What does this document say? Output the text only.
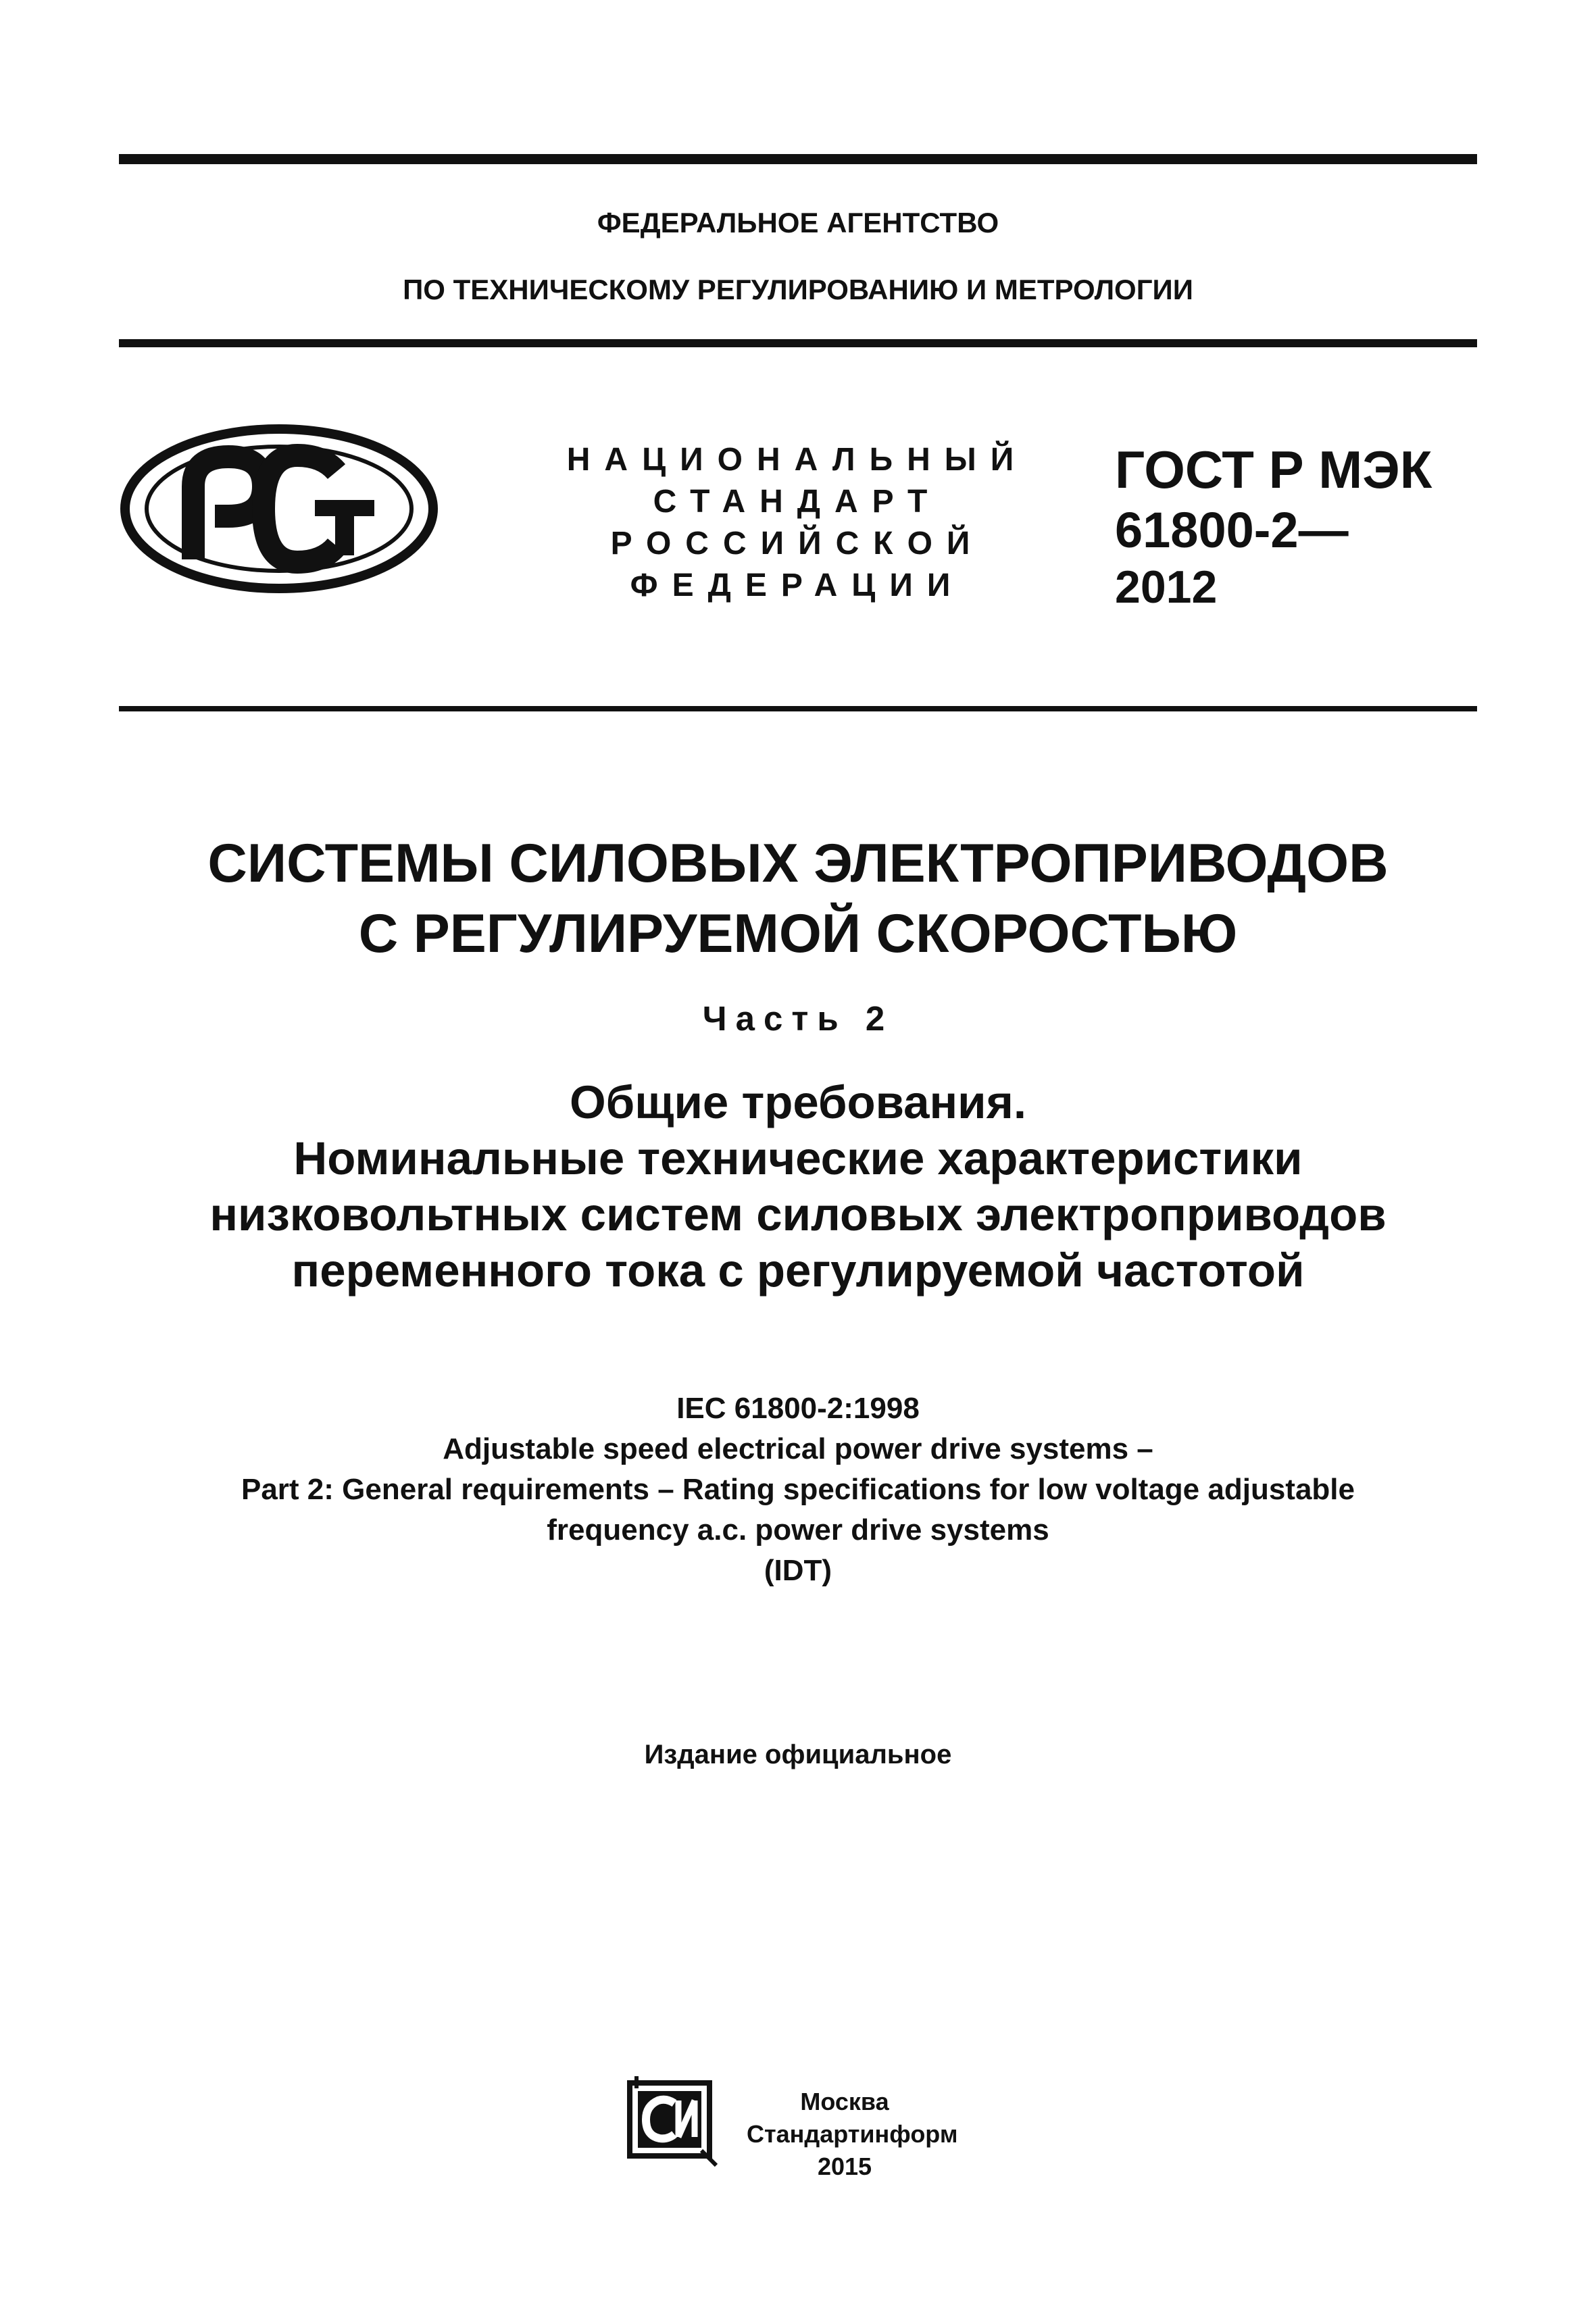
ФЕДЕРАЛЬНОЕ АГЕНТСТВО
ПО ТЕХНИЧЕСКОМУ РЕГУЛИРОВАНИЮ И МЕТРОЛОГИИ
НАЦИОНАЛЬНЫЙ
СТАНДАРТ
РОССИЙСКОЙ
ФЕДЕРАЦИИ
ГОСТ Р МЭК
61800-2—
2012
СИСТЕМЫ СИЛОВЫХ ЭЛЕКТРОПРИВОДОВ
С РЕГУЛИРУЕМОЙ СКОРОСТЬЮ
Часть 2
Общие требования.
Номинальные технические характеристики
низковольтных систем силовых электроприводов
переменного тока с регулируемой частотой
IEC 61800-2:1998
Adjustable speed electrical power drive systems –
Part 2: General requirements – Rating specifications for low voltage adjustable
frequency a.c. power drive systems
(IDT)
Издание официальное
Москва
Стандартинформ
2015
